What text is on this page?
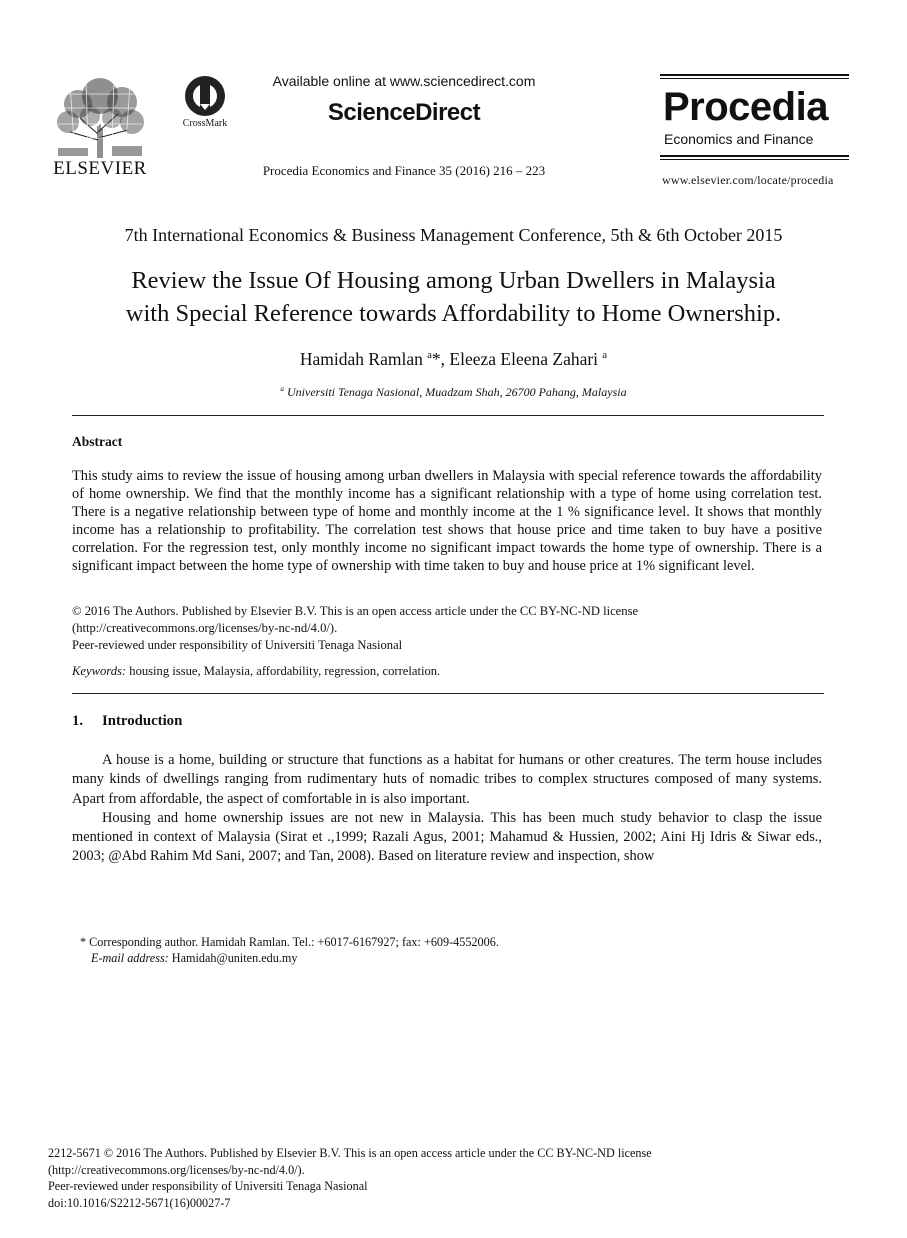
ELSEVIER
CrossMark
Available online at www.sciencedirect.com
ScienceDirect
Procedia Economics and Finance 35 (2016) 216 – 223
Procedia
Economics and Finance
www.elsevier.com/locate/procedia
7th International Economics & Business Management Conference, 5th & 6th October 2015
Review the Issue Of Housing among Urban Dwellers in Malaysia
with Special Reference towards Affordability to Home Ownership.
Hamidah Ramlan $^a$*, Eleeza Eleena Zahari $^a$
$^a$ Universiti Tenaga Nasional, Muadzam Shah, 26700 Pahang, Malaysia
Abstract
This study aims to review the issue of housing among urban dwellers in Malaysia with special reference towards the affordability of home ownership. We find that the monthly income has a significant relationship with a type of home using correlation test. There is a negative relationship between type of home and monthly income at the 1 % significance level. It shows that monthly income has a relationship to profitability. The correlation test shows that house price and time taken to buy have a positive correlation. For the regression test, only monthly income no significant impact towards the home type of ownership. There is a significant impact between the home type of ownership with time taken to buy and house price at 1% significant level.
© 2016 The Authors. Published by Elsevier B.V. This is an open access article under the CC BY-NC-ND license
(http://creativecommons.org/licenses/by-nc-nd/4.0/).
Peer-reviewed under responsibility of Universiti Tenaga Nasional
Keywords: housing issue, Malaysia, affordability, regression, correlation.
1. Introduction

A house is a home, building or structure that functions as a habitat for humans or other creatures. The term house includes many kinds of dwellings ranging from rudimentary huts of nomadic tribes to complex structures composed of many systems. Apart from affordable, the aspect of comfortable in is also important.

Housing and home ownership issues are not new in Malaysia. This has been much study behavior to clasp the issue mentioned in context of Malaysia (Sirat et .,1999; Razali Agus, 2001; Mahamud & Hussien, 2002; Aini Hj Idris & Siwar eds., 2003; @Abd Rahim Md Sani, 2007; and Tan, 2008). Based on literature review and inspection, show

* Corresponding author. Hamidah Ramlan. Tel.: +6017-6167927; fax: +609-4552006.
E-mail address: Hamidah@uniten.edu.my
2212-5671 © 2016 The Authors. Published by Elsevier B.V. This is an open access article under the CC BY-NC-ND license
(http://creativecommons.org/licenses/by-nc-nd/4.0/).
Peer-reviewed under responsibility of Universiti Tenaga Nasional
doi:10.1016/S2212-5671(16)00027-7
